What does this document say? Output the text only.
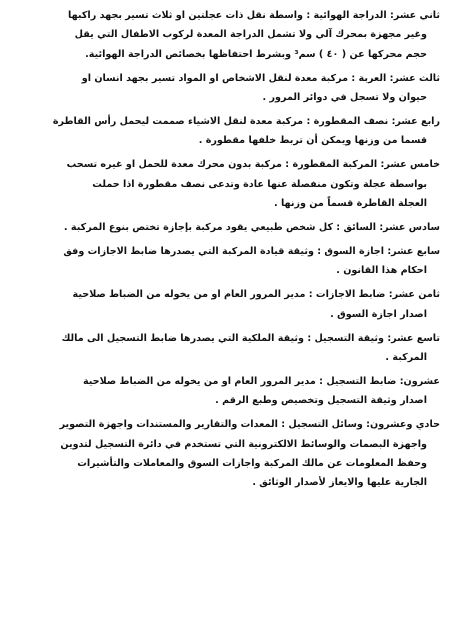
ثاني عشر: الدراجة الهوائية : واسطة نقل ذات عجلتين او ثلاث تسير بجهد راكبها
وغير مجهزة بمحرك آلي ولا تشمل الدراجة المعدة لركوب الاطفال التي يقل
حجم محركها عن ( ٤٠ ) سم³ وبشرط احتفاظها بخصائص الدراجة الهوائية.
ثالث عشر: العربة : مركبة معدة لنقل الاشخاص او المواد تسير بجهد انسان او
حيوان ولا تسجل في دوائر المرور .
رابع عشر: نصف المقطورة : مركبة معدة لنقل الاشياء صممت ليحمل رأس القاطرة
قسما من وزنها ويمكن أن تربط خلفها مقطورة .
خامس عشر: المركبة المقطورة : مركبة بدون محرك معدة للحمل او غيره تسحب
بواسطة عجلة وتكون منفصلة عنها عادة وتدعى نصف مقطورة اذا حملت
العجلة القاطرة قسماً من وزنها .
سادس عشر: السائق : كل شخص طبيعي يقود مركبة بإجازة تختص بنوع المركبة .
سابع عشر: اجازة السوق : وثيقة قيادة المركبة التي يصدرها ضابط الاجازات وفق
احكام هذا القانون .
ثامن عشر: ضابط الاجازات : مدير المرور العام او من يخوله من الضباط صلاحية
اصدار اجازة السوق .
تاسع عشر: وثيقة التسجيل : وثيقة الملكية التي يصدرها ضابط التسجيل الى مالك
المركبة .
عشرون: ضابط التسجيل : مدير المرور العام او من يخوله من الضباط صلاحية
اصدار وثيقة التسجيل وتخصيص وطبع الرقم .
حادي وعشرون: وسائل التسجيل : المعدات والتقارير والمستندات واجهزة التصوير
واجهزة البصمات والوسائط الالكترونية التي تستخدم في دائرة التسجيل لتدوين
وحفظ المعلومات عن مالك المركبة واجازات السوق والمعاملات والتأشيرات
الجارية عليها والايعاز لأصدار الوثائق .
